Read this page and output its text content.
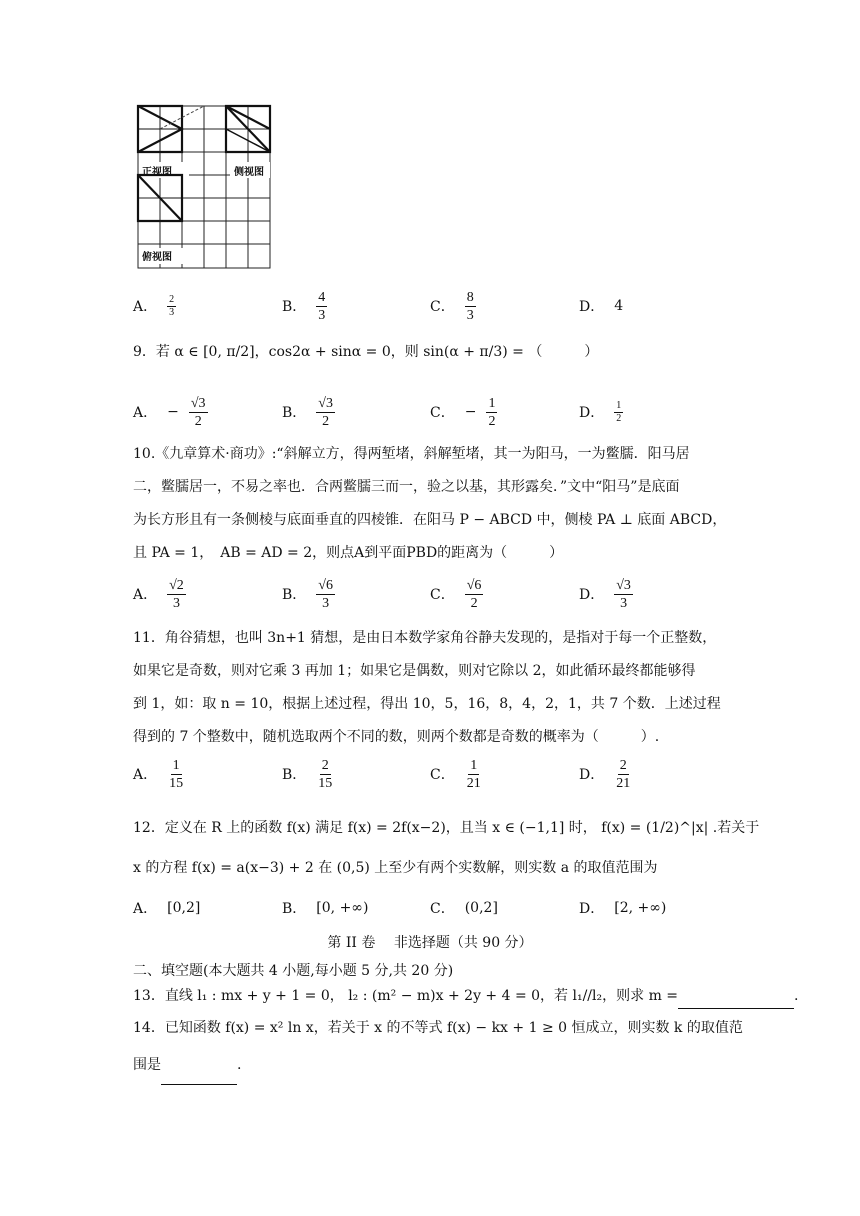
正视图	侧视图
俯视图
A． $\frac{2}{3}$	B． $\frac{4}{3}$	C． $\frac{8}{3}$	D． 4
9．若 α ∈ [0, π/2]，cos2α + sinα = 0，则 sin(α + π/3) = （　　　）
A． − $\frac{√3}{2}$	B． $\frac{√3}{2}$	C． − $\frac{1}{2}$	D． $\frac{1}{2}$
10.《九章算术·商功》:“斜解立方，得两堑堵，斜解堑堵，其一为阳马，一为鳖臑．阳马居
二，鳖臑居一，不易之率也．合两鳖臑三而一，验之以基，其形露矣．”文中“阳马”是底面
为长方形且有一条侧棱与底面垂直的四棱锥．在阳马 P − ABCD 中，侧棱 PA ⊥ 底面 ABCD，
且 PA = 1，　AB = AD = 2，则点A到平面PBD的距离为（　　　）
A． $\frac{√2}{3}$	B． $\frac{√6}{3}$	C． $\frac{√6}{2}$	D． $\frac{√3}{3}$
11．角谷猜想，也叫 3n+1 猜想，是由日本数学家角谷静夫发现的，是指对于每一个正整数，
如果它是奇数，则对它乘 3 再加 1；如果它是偶数，则对它除以 2，如此循环最终都能够得
到 1，如：取 n = 10，根据上述过程，得出 10，5，16，8，4，2，1，共 7 个数．上述过程
得到的 7 个整数中，随机选取两个不同的数，则两个数都是奇数的概率为（　　　）.
A． $\frac{1}{15}$	B． $\frac{2}{15}$	C． $\frac{1}{21}$	D． $\frac{2}{21}$
12．定义在 R 上的函数 f(x) 满足 f(x) = 2f(x−2)，且当 x ∈ (−1,1] 时， f(x) = (1/2)^|x| .若关于
x 的方程 f(x) = a(x−3) + 2 在 (0,5) 上至少有两个实数解，则实数 a 的取值范围为
A． [0,2]	B． [0, +∞)	C． (0,2]	D． [2, +∞)
第 II 卷　 非选择题（共 90 分）
二、填空题(本大题共 4 小题,每小题 5 分,共 20 分)
13．直线 l₁ : mx + y + 1 = 0， l₂ : (m² − m)x + 2y + 4 = 0，若 l₁//l₂，则求 m =	.
14．已知函数 f(x) = x² ln x，若关于 x 的不等式 f(x) − kx + 1 ≥ 0 恒成立，则实数 k 的取值范
围是	.
